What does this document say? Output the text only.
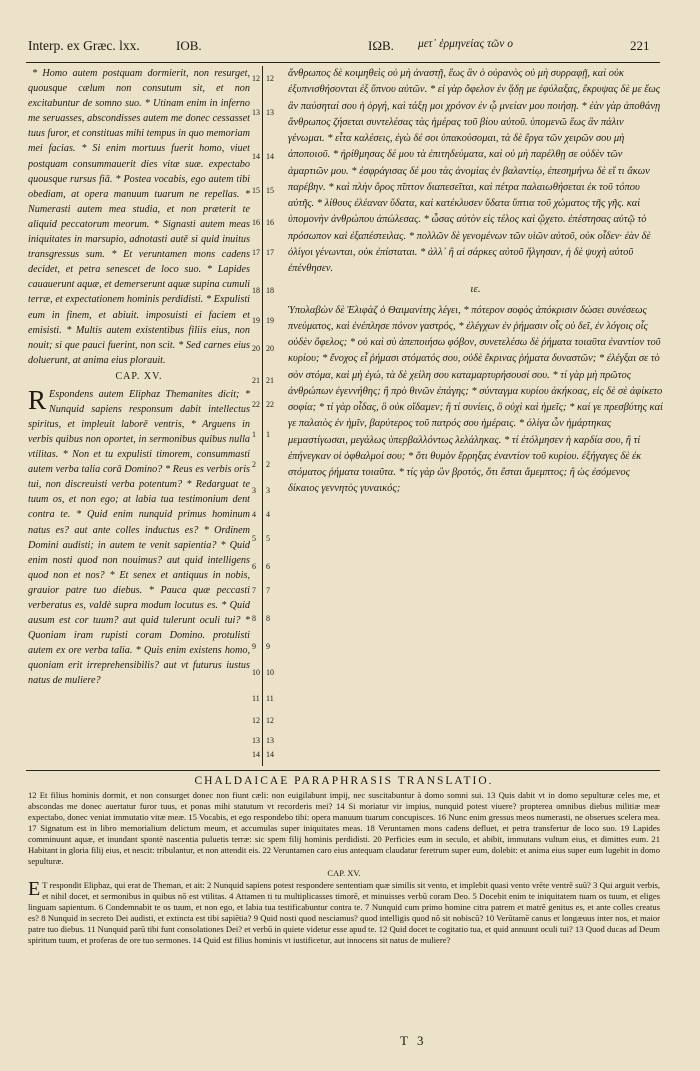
Interp. ex Græc. lxx.	IOB.	IΩB. μετ᾽ ἑρμηνείας τῶν ο	221

* Homo autem postquam dormierit, non resurget, quousque cælum non consutum sit, et non excitabuntur de somno suo. * Utinam enim in inferno me seruasses, abscondisses autem me donec cessasset tuus furor, et constituas mihi tempus in quo memoriam mei facias. * Si enim mortuus fuerit homo, viuet postquam consummauerit dies vitæ suæ. expectabo quousque rursus fiā. * Postea vocabis, ego autem tibi obediam, at opera manuum tuarum ne repellas. * Numerasti autem mea studia, et non præterit te aliquid peccatorum meorum. * Signasti autem meas iniquitates in marsupio, adnotasti autē si quid inuitus transgressus sum. * Et veruntamen mons cadens decidet, et petra senescet de loco suo. * Lapides cauauerunt aquæ, et demerserunt aquæ supina cumuli terræ, et expectationem hominis perdidisti. * Expulisti eum in finem, et abiuit. imposuisti ei faciem et emisisti. * Multis autem existentibus filiis eius, non nouit; si que pauci fuerint, non scit. * Sed carnes eius doluerunt, at anima eius plorauit.

CAP. XV.

R Espondens autem Eliphaz Themanites dicit; * Nunquid sapiens responsum dabit intellectus spiritus, et impleuit laborē ventris, * Arguens in verbis quibus non oportet, in sermonibus quibus nulla vtilitas. * Non et tu expulisti timorem, consummasti autem verba talia corā Domino? * Reus es verbis oris tui, non discreuisti verba potentum? * Redarguat te tuum os, et non ego; at labia tua testimonium dent contra te. * Quid enim nunquid primus hominum natus es? aut ante colles inductus es? * Ordinem Domini audisti; in autem te venit sapientia? * Quid enim nosti quod non nouimus? aut quid intelligens quod non et nos? * Et senex et antiquus in nobis, grauior patre tuo diebus. * Pauca quæ peccasti verberatus es, valdè supra modum locutus es. * Quid ausum est cor tuum? aut quid tulerunt oculi tui? * Quoniam iram rupisti coram Domino. protulisti autem ex ore verba talia. * Quis enim existens homo, quoniam erit irreprehensibilis? aut vt futurus iustus natus de muliere?

12
13
14
15
16
17
18
19
20
21
22
1
2
3
4
5
6
7
8
9
10
11
12
13
14
12
13
14
15
16
17
18
19
20
21
22
1
2
3
4
5
6
7
8
9
10
11
12
13
14

ἄνθρωπος δὲ κοιμηθεὶς οὐ μὴ ἀναστῇ, ἕως ἂν ὁ οὐρανὸς οὐ μὴ συρραφῇ, καὶ οὐκ ἐξυπνισθήσονται ἐξ ὕπνου αὐτῶν. * εἰ γὰρ ὄφελον ἐν ᾅδῃ με ἐφύλαξας, ἔκρυψας δὲ με ἕως ἂν παύσηταί σου ἡ ὀργή, καὶ τάξῃ μοι χρόνον ἐν ᾧ μνείαν μου ποιήσῃ. * ἐὰν γὰρ ἀποθάνῃ ἄνθρωπος ζήσεται συντελέσας τὰς ἡμέρας τοῦ βίου αὐτοῦ. ὑπομενῶ ἕως ἂν πάλιν γένωμαι. * εἶτα καλέσεις, ἐγὼ δέ σοι ὑπακούσομαι, τὰ δὲ ἔργα τῶν χειρῶν σου μὴ ἀποποιοῦ. * ἠρίθμησας δέ μου τὰ ἐπιτηδεύματα, καὶ οὐ μὴ παρέλθῃ σε οὐδὲν τῶν ἁμαρτιῶν μου. * ἐσφράγισας δέ μου τὰς ἀνομίας ἐν βαλαντίῳ, ἐπεσημήνω δὲ εἴ τι ἄκων παρέβην. * καὶ πλὴν ὄρος πῖπτον διαπεσεῖται, καὶ πέτρα παλαιωθήσεται ἐκ τοῦ τόπου αὐτῆς. * λίθους ἐλέαναν ὕδατα, καὶ κατέκλυσεν ὕδατα ὕπτια τοῦ χώματος τῆς γῆς. καὶ ὑπομονὴν ἀνθρώπου ἀπώλεσας. * ὦσας αὐτὸν εἰς τέλος καὶ ᾤχετο. ἐπέστησας αὐτῷ τὸ πρόσωπον καὶ ἐξαπέστειλας. * πολλῶν δὲ γενομένων τῶν υἱῶν αὐτοῦ, οὐκ οἶδεν· ἐὰν δὲ ὀλίγοι γένωνται, οὐκ ἐπίσταται. * ἀλλ᾽ ἢ αἱ σάρκες αὐτοῦ ἤλγησαν, ἡ δὲ ψυχὴ αὐτοῦ ἐπένθησεν.

ιε.

Ὑπολαβὼν δὲ Ἐλιφὰζ ὁ Θαιμανίτης λέγει, * πότερον σοφὸς ἀπόκρισιν δώσει συνέσεως πνεύματος, καὶ ἐνέπλησε πόνον γαστρός, * ἐλέγχων ἐν ῥήμασιν οἷς οὐ δεῖ, ἐν λόγοις οἷς οὐδὲν ὄφελος; * οὐ καὶ σὺ ἀπεποιήσω φόβον, συνετελέσω δὲ ῥήματα τοιαῦτα ἐναντίον τοῦ κυρίου; * ἔνοχος εἶ ῥήμασι στόματός σου, οὐδὲ ἔκρινας ῥήματα δυναστῶν; * ἐλέγξαι σε τὸ σὸν στόμα, καὶ μὴ ἐγώ, τὰ δὲ χείλη σου καταμαρτυρήσουσί σου. * τί γὰρ μὴ πρῶτος ἀνθρώπων ἐγεννήθης; ἢ πρὸ θινῶν ἐπάγης; * σύνταγμα κυρίου ἀκήκοας, εἰς δὲ σὲ ἀφίκετο σοφία; * τί γὰρ οἶδας, ὃ οὐκ οἴδαμεν; ἢ τί συνίεις, ὃ οὐχὶ καὶ ἡμεῖς; * καί γε πρεσβύτης καί γε παλαιὸς ἐν ἡμῖν, βαρύτερος τοῦ πατρός σου ἡμέραις. * ὀλίγα ὧν ἡμάρτηκας μεμαστίγωσαι, μεγάλως ὑπερβαλλόντως λελάληκας. * τί ἐτόλμησεν ἡ καρδία σου, ἢ τί ἐπήνεγκαν οἱ ὀφθαλμοί σου; * ὅτι θυμὸν ἔρρηξας ἐναντίον τοῦ κυρίου. ἐξήγαγες δὲ ἐκ στόματος ῥήματα τοιαῦτα. * τίς γὰρ ὢν βροτός, ὅτι ἔσται ἄμεμπτος; ἢ ὡς ἐσόμενος δίκαιος γεννητὸς γυναικός;

CHALDAICAE PARAPHRASIS TRANSLATIO.

12 Et filius hominis dormit, et non consurget donec non fiunt cæli: non euigilabunt impij, nec suscitabuntur à domo somni sui. 13 Quis dabit vt in domo sepulturæ celes me, et abscondas me donec auertatur furor tuus, et ponas mihi statutum vt recorderis mei? 14 Si moriatur vir impius, nunquid potest viuere? propterea omnibus diebus militiæ meæ expectabo, donec veniat immutatio vitæ meæ. 15 Vocabis, et ego respondebo tibi: opera manuum tuarum concupisces. 16 Nunc enim gressus meos numerasti, ne obserues scelera mea. 17 Signatum est in libro memorialium delictum meum, et accumulas super iniquitates meas. 18 Veruntamen mons cadens defluet, et petra transfertur de loco suo. 19 Lapides comminuunt aquæ, et inundant spontè nascentia puluetis terræ: sic spem filij hominis perdidisti. 20 Perficies eum in seculo, et abibit, immutans vultum eius, et dimittes eum. 21 Habitant in gloria filij eius, et nescit: tribulantur, et non attendit eis. 22 Veruntamen caro eius antequam claudatur feretrum super eum, dolebit: et anima eius super eum lugebit in domo sepulturæ.

CAP. XV.

E T respondit Eliphaz, qui erat de Theman, et ait: 2 Nunquid sapiens potest respondere sententiam quæ similis sit vento, et implebit quasi vento vrēte ventrē suū? 3 Qui arguit verbis, et nihil docet, et sermonibus in quibus nō est vtilitas. 4 Attamen ti tu multiplicasses timorē, et minuisses verbū coram Deo. 5 Docebit enim te iniquitatem tuam os tuum, et eliges linguam sapientum. 6 Condemnabit te os tuum, et non ego, et labia tua testificabuntur contra te. 7 Nunquid cum primo homine citra patrem et matrē genitus es, et ante colles creatus es? 8 Nunquid in secreto Dei audisti, et extincta est tibi sapiētia? 9 Quid nosti quod nesciamus? quod intelligis quod nō sit nobiscū? 10 Verūtamē canus et longæuus inter nos, et maior patre tuo diebus. 11 Nunquid parū tibi funt consolationes Dei? et verbū in quiete videtur esse apud te. 12 Quid docet te cogitatio tua, et quid annuunt oculi tui? 13 Quod ducas ad Deum spiritum tuum, et proferas de ore tuo sermones. 14 Quid est filius hominis vt iustificetur, aut innocens sit natus de muliere?

T 3
